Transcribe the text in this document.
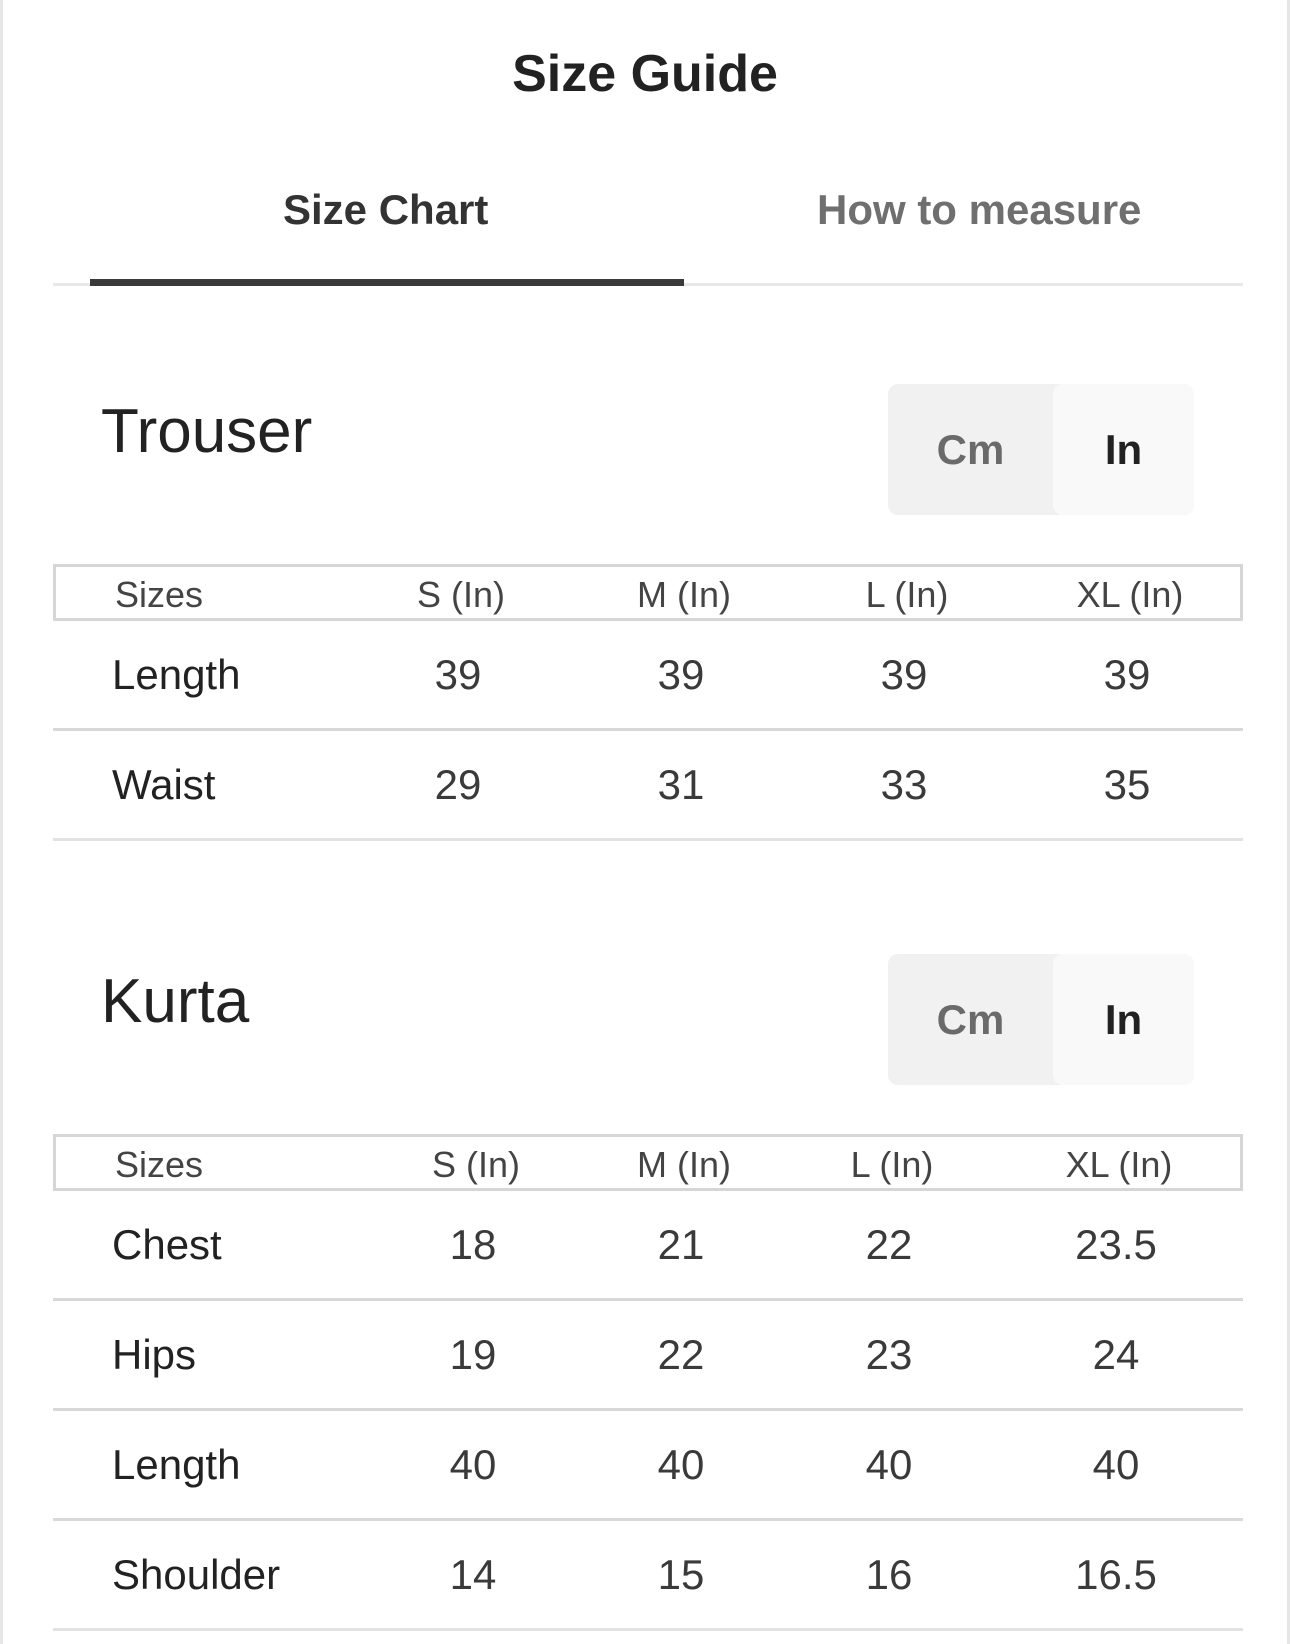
Size Guide
Size Chart	How to measure
Trouser	Cm	In
Sizes	S (In)	M (In)	L (In)	XL (In)
Length	39	39	39	39
Waist	29	31	33	35
Kurta	Cm	In
Sizes	S (In)	M (In)	L (In)	XL (In)
Chest	18	21	22	23.5
Hips	19	22	23	24
Length	40	40	40	40
Shoulder	14	15	16	16.5
